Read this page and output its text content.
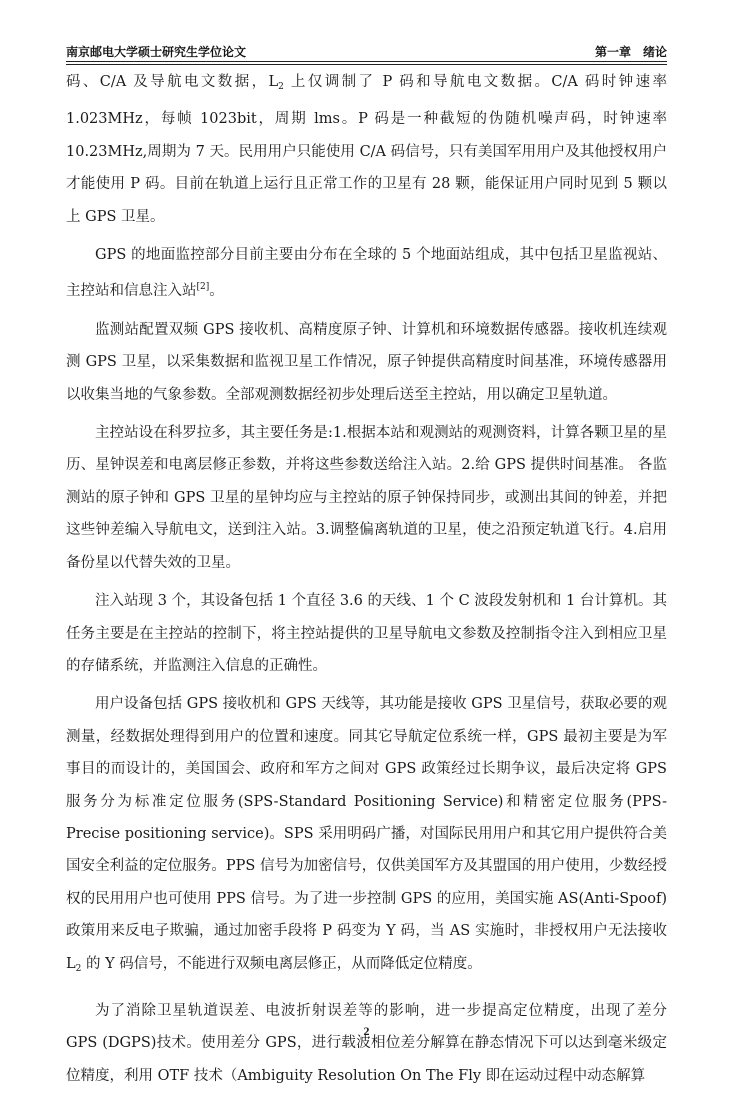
南京邮电大学硕士研究生学位论文	第一章　绪论

码、C/A 及导航电文数据，$L_2$ 上仅调制了 P 码和导航电文数据。C/A 码时钟速率 1.023MHz，每帧 1023bit，周期 lms。P 码是一种截短的伪随机噪声码，时钟速率 10.23MHz,周期为 7 天。民用用户只能使用 C/A 码信号，只有美国军用用户及其他授权用户才能使用 P 码。目前在轨道上运行且正常工作的卫星有 28 颗，能保证用户同时见到 5 颗以上 GPS 卫星。

GPS 的地面监控部分目前主要由分布在全球的 5 个地面站组成，其中包括卫星监视站、主控站和信息注入站[2]。

监测站配置双频 GPS 接收机、高精度原子钟、计算机和环境数据传感器。接收机连续观测 GPS 卫星，以采集数据和监视卫星工作情况，原子钟提供高精度时间基准，环境传感器用以收集当地的气象参数。全部观测数据经初步处理后送至主控站，用以确定卫星轨道。

主控站设在科罗拉多，其主要任务是:1.根据本站和观测站的观测资料，计算各颗卫星的星历、星钟误差和电离层修正参数，并将这些参数送给注入站。2.给 GPS 提供时间基准。 各监测站的原子钟和 GPS 卫星的星钟均应与主控站的原子钟保持同步，或测出其间的钟差，并把这些钟差编入导航电文，送到注入站。3.调整偏离轨道的卫星，使之沿预定轨道飞行。4.启用备份星以代替失效的卫星。

注入站现 3 个，其设备包括 1 个直径 3.6 的天线、1 个 C 波段发射机和 1 台计算机。其任务主要是在主控站的控制下，将主控站提供的卫星导航电文参数及控制指令注入到相应卫星的存储系统，并监测注入信息的正确性。

用户设备包括 GPS 接收机和 GPS 天线等，其功能是接收 GPS 卫星信号，获取必要的观测量，经数据处理得到用户的位置和速度。同其它导航定位系统一样，GPS 最初主要是为军事目的而设计的，美国国会、政府和军方之间对 GPS 政策经过长期争议，最后决定将 GPS 服务分为标准定位服务(SPS-Standard Positioning Service)和精密定位服务(PPS-Precise positioning service)。SPS 采用明码广播，对国际民用用户和其它用户提供符合美国安全利益的定位服务。PPS 信号为加密信号，仅供美国军方及其盟国的用户使用，少数经授权的民用用户也可使用 PPS 信号。为了进一步控制 GPS 的应用，美国实施 AS(Anti-Spoof)政策用来反电子欺骗，通过加密手段将 P 码变为 Y 码，当 AS 实施时，非授权用户无法接收 $L_2$ 的 Y 码信号，不能进行双频电离层修正，从而降低定位精度。

为了消除卫星轨道误差、电波折射误差等的影响，进一步提高定位精度，出现了差分 GPS (DGPS)技术。使用差分 GPS，进行载波相位差分解算在静态情况下可以达到毫米级定位精度，利用 OTF 技术（Ambiguity Resolution On The Fly 即在运动过程中动态解算

2
